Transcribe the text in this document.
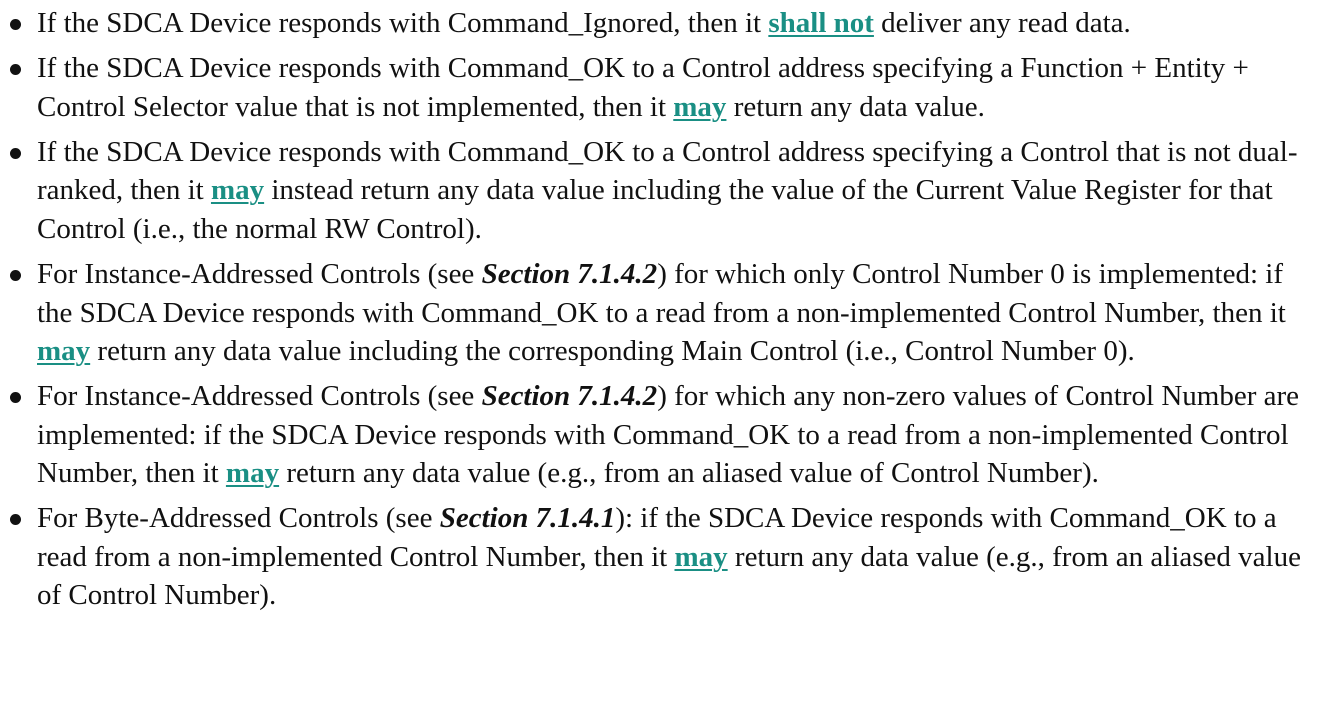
If the SDCA Device responds with Command_Ignored, then it shall not deliver any read data.
If the SDCA Device responds with Command_OK to a Control address specifying a Function + Entity + Control Selector value that is not implemented, then it may return any data value.
If the SDCA Device responds with Command_OK to a Control address specifying a Control that is not dual-ranked, then it may instead return any data value including the value of the Current Value Register for that Control (i.e., the normal RW Control).
For Instance-Addressed Controls (see Section 7.1.4.2) for which only Control Number 0 is implemented: if the SDCA Device responds with Command_OK to a read from a non-implemented Control Number, then it may return any data value including the corresponding Main Control (i.e., Control Number 0).
For Instance-Addressed Controls (see Section 7.1.4.2) for which any non-zero values of Control Number are implemented: if the SDCA Device responds with Command_OK to a read from a non-implemented Control Number, then it may return any data value (e.g., from an aliased value of Control Number).
For Byte-Addressed Controls (see Section 7.1.4.1): if the SDCA Device responds with Command_OK to a read from a non-implemented Control Number, then it may return any data value (e.g., from an aliased value of Control Number).
